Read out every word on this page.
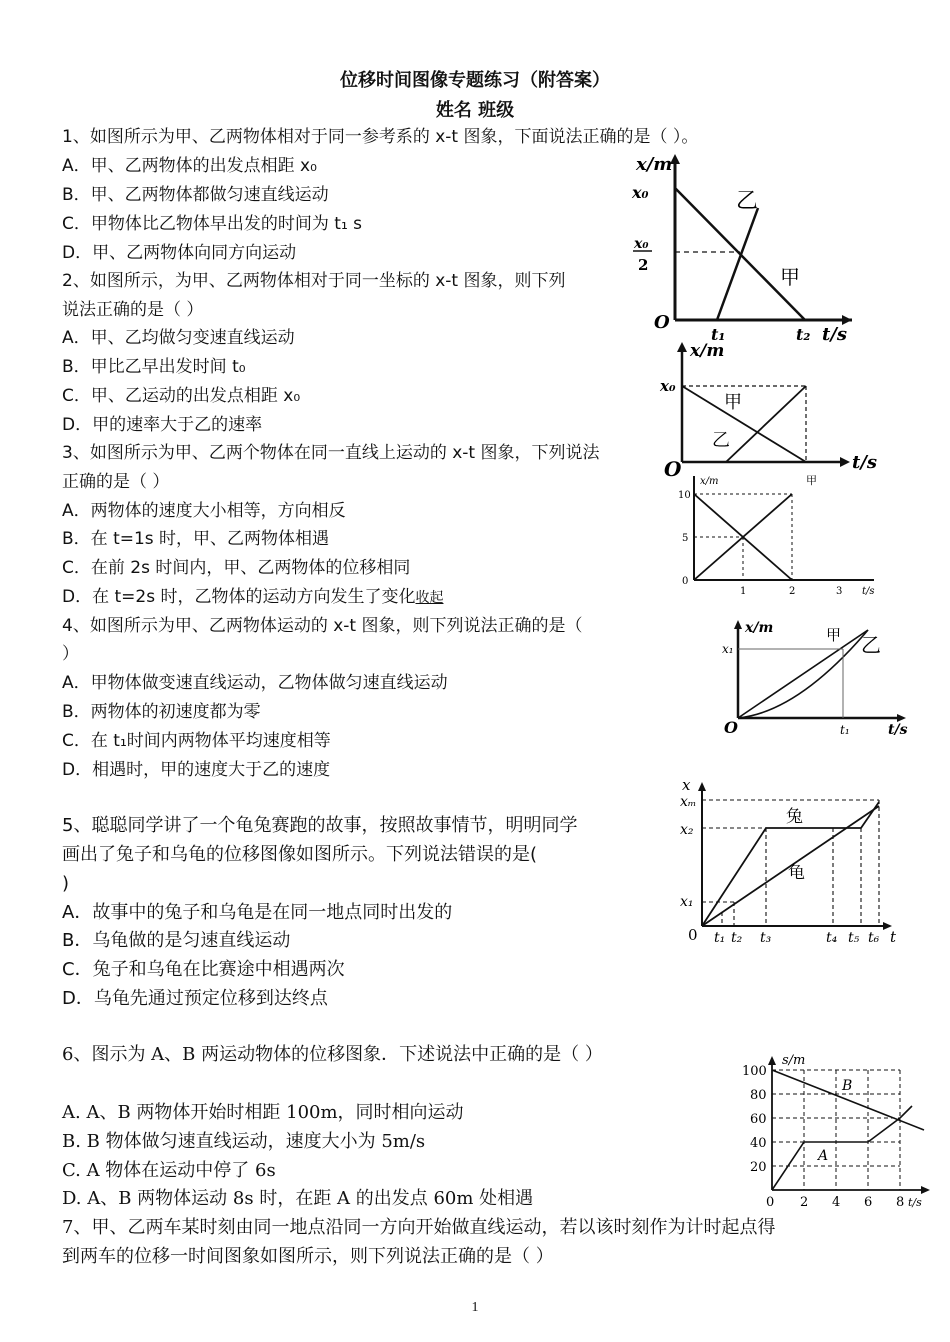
位移时间图像专题练习（附答案）
姓名 班级
1、如图所示为甲、乙两物体相对于同一参考系的 x-t 图象，下面说法正确的是（ ）。
A．甲、乙两物体的出发点相距 x₀
B．甲、乙两物体都做匀速直线运动
C．甲物体比乙物体早出发的时间为 t₁ s
D．甲、乙两物体向同方向运动
2、如图所示，为甲、乙两物体相对于同一坐标的 x-t 图象，则下列
说法正确的是（ ）
A．甲、乙均做匀变速直线运动
B．甲比乙早出发时间 t₀
C．甲、乙运动的出发点相距 x₀
D．甲的速率大于乙的速率
3、如图所示为甲、乙两个物体在同一直线上运动的 x-t 图象，下列说法
正确的是（ ）
A．两物体的速度大小相等，方向相反
B．在 t=1s 时，甲、乙两物体相遇
C．在前 2s 时间内，甲、乙两物体的位移相同
D．在 t=2s 时，乙物体的运动方向发生了变化收起
4、如图所示为甲、乙两物体运动的 x-t 图象，则下列说法正确的是（
）
A．甲物体做变速直线运动，乙物体做匀速直线运动
B．两物体的初速度都为零
C．在 t₁时间内两物体平均速度相等
D．相遇时，甲的速度大于乙的速度
5、聪聪同学讲了一个龟兔赛跑的故事，按照故事情节，明明同学
画出了兔子和乌龟的位移图像如图所示。下列说法错误的是(
)
A．故事中的兔子和乌龟是在同一地点同时出发的
B．乌龟做的是匀速直线运动
C．兔子和乌龟在比赛途中相遇两次
D．乌龟先通过预定位移到达终点
6、图示为 A、B 两运动物体的位移图象．下述说法中正确的是（ ）
A. A、B 两物体开始时相距 100m，同时相向运动
B. B 物体做匀速直线运动，速度大小为 5m/s
C. A 物体在运动中停了 6s
D. A、B 两物体运动 8s 时，在距 A 的出发点 60m 处相遇
7、甲、乙两车某时刻由同一地点沿同一方向开始做直线运动，若以该时刻作为计时起点得
到两车的位移一时间图象如图所示，则下列说法正确的是（ ）
1
x/m
x₀
x₀
2
O
t₁	t₂ t/s
乙
甲
x/m
x₀
甲
乙
O	t/s
x/m
10
5
0
1	2	3 t/s
甲
x/m
x₁
甲 乙
O	t₁	t/s
x
xₘ
x₂
x₁
0
兔
龟
t₁ t₂ t₃	t₄ t₅ t₆ t
s/m
100
80
60
40
20
0 2 4 6 8 t/s
B
A
